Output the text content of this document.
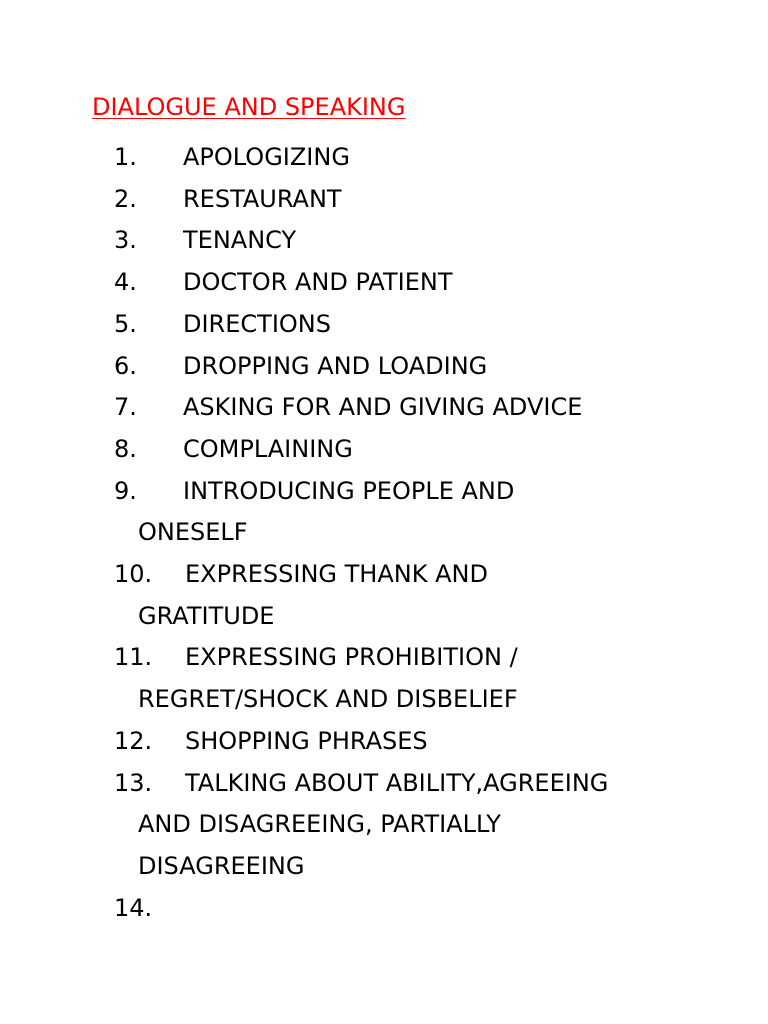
DIALOGUE AND SPEAKING
1. APOLOGIZING
2. RESTAURANT
3. TENANCY
4. DOCTOR AND PATIENT
5. DIRECTIONS
6. DROPPING AND LOADING
7. ASKING FOR AND GIVING ADVICE
8. COMPLAINING
9. INTRODUCING PEOPLE AND
ONESELF
10. EXPRESSING THANK AND
GRATITUDE
11. EXPRESSING PROHIBITION /
REGRET/SHOCK AND DISBELIEF
12. SHOPPING PHRASES
13. TALKING ABOUT ABILITY,AGREEING
AND DISAGREEING, PARTIALLY
DISAGREEING
14.
